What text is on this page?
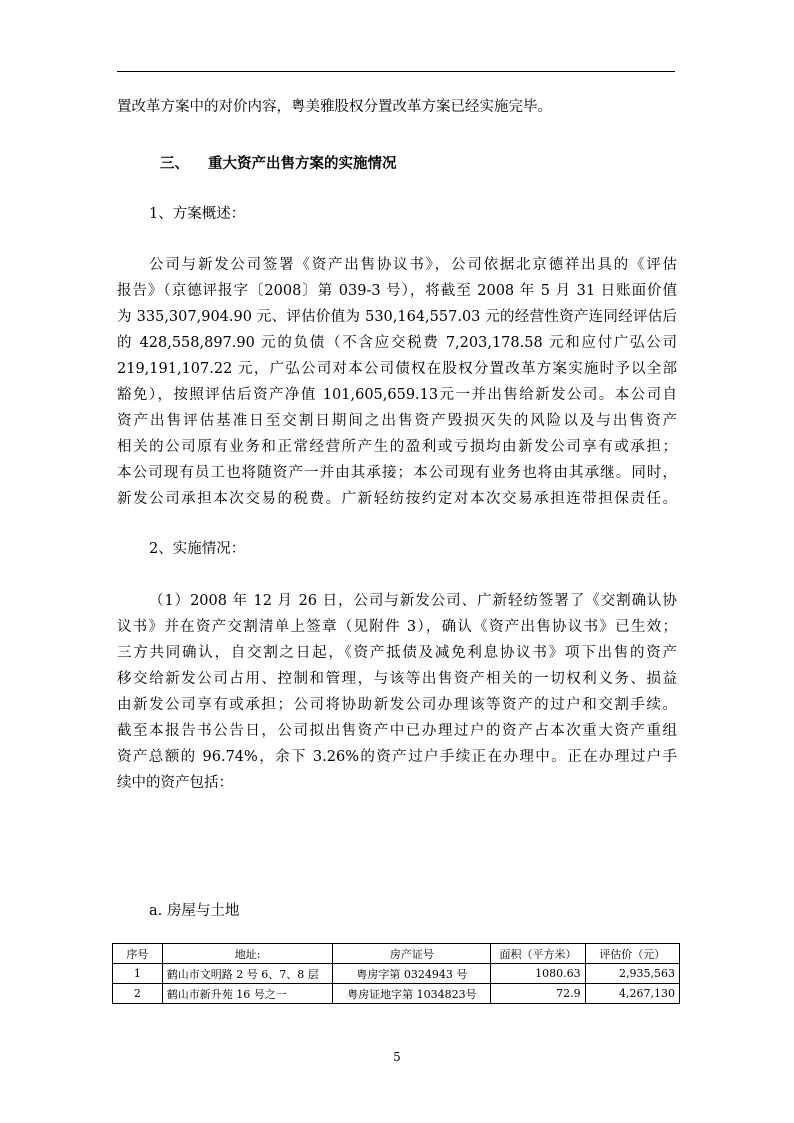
置改革方案中的对价内容，粤美雅股权分置改革方案已经实施完毕。
三、	重大资产出售方案的实施情况
1、方案概述：
公司与新发公司签署《资产出售协议书》，公司依据北京德祥出具的《评估
报告》（京德评报字〔2008〕第 039-3 号），将截至 2008 年 5 月 31 日账面价值
为 335,307,904.90 元、评估价值为 530,164,557.03 元的经营性资产连同经评估后
的 428,558,897.90 元的负债（不含应交税费 7,203,178.58 元和应付广弘公司
219,191,107.22 元，广弘公司对本公司债权在股权分置改革方案实施时予以全部
豁免），按照评估后资产净值 101,605,659.13元一并出售给新发公司。本公司自
资产出售评估基准日至交割日期间之出售资产毁损灭失的风险以及与出售资产
相关的公司原有业务和正常经营所产生的盈利或亏损均由新发公司享有或承担；
本公司现有员工也将随资产一并由其承接；本公司现有业务也将由其承继。同时，
新发公司承担本次交易的税费。广新轻纺按约定对本次交易承担连带担保责任。
2、实施情况：
（1）2008 年 12 月 26 日，公司与新发公司、广新轻纺签署了《交割确认协
议书》并在资产交割清单上签章（见附件 3），确认《资产出售协议书》已生效；
三方共同确认，自交割之日起，《资产抵债及减免利息协议书》项下出售的资产
移交给新发公司占用、控制和管理，与该等出售资产相关的一切权利义务、损益
由新发公司享有或承担；公司将协助新发公司办理该等资产的过户和交割手续。
截至本报告书公告日，公司拟出售资产中已办理过户的资产占本次重大资产重组
资产总额的 96.74%，余下 3.26%的资产过户手续正在办理中。正在办理过户手
续中的资产包括：
a. 房屋与土地
序号	地址:	房产证号	面积（平方米）	评估价（元）
1	鹤山市文明路 2 号 6、7、8 层	粤房字第 0324943 号	1080.63	2,935,563
2	鹤山市新升苑 16 号之一	粤房证地字第 1034823号	72.9	4,267,130
5
